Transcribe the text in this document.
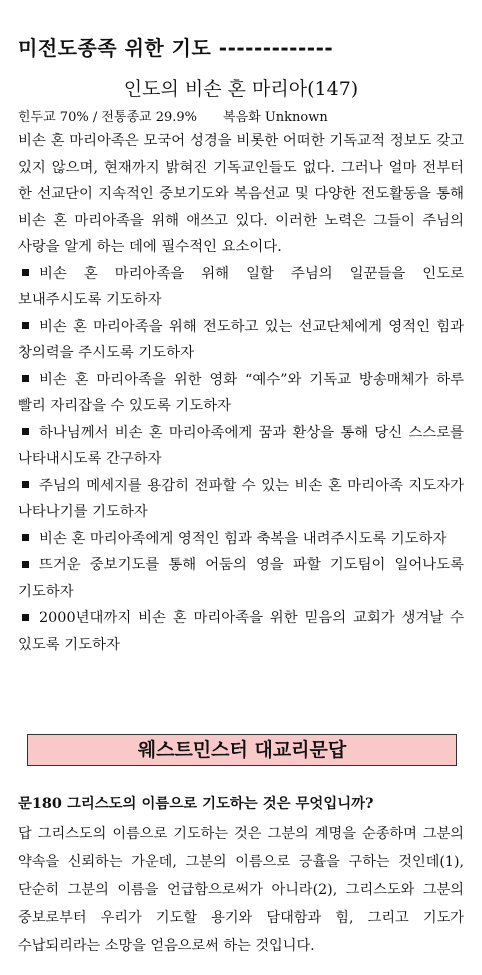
미전도종족 위한 기도 -------------
인도의 비손 혼 마리아(147)
힌두교 70% / 전통종교 29.9% 복음화 Unknown

비손 혼 마리아족은 모국어 성경을 비롯한 어떠한 기독교적 정보도 갖고 있지 않으며, 현재까지 밝혀진 기독교인들도 없다. 그러나 얼마 전부터 한 선교단이 지속적인 중보기도와 복음선교 및 다양한 전도활동을 통해 비손 혼 마리아족을 위해 애쓰고 있다. 이러한 노력은 그들이 주님의 사랑을 알게 하는 데에 필수적인 요소이다.

비손 혼 마리아족을 위해 일할 주님의 일꾼들을 인도로 보내주시도록 기도하자
비손 혼 마리아족을 위해 전도하고 있는 선교단체에게 영적인 힘과 창의력을 주시도록 기도하자
비손 혼 마리아족을 위한 영화 “예수”와 기독교 방송매체가 하루 빨리 자리잡을 수 있도록 기도하자
하나님께서 비손 혼 마리아족에게 꿈과 환상을 통해 당신 스스로를 나타내시도록 간구하자
주님의 메세지를 용감히 전파할 수 있는 비손 혼 마리아족 지도자가 나타나기를 기도하자
비손 혼 마리아족에게 영적인 힘과 축복을 내려주시도록 기도하자
뜨거운 중보기도를 통해 어둠의 영을 파할 기도팀이 일어나도록 기도하자
2000년대까지 비손 혼 마리아족을 위한 믿음의 교회가 생겨날 수 있도록 기도하자
웨스트민스터 대교리문답

문180 그리스도의 이름으로 기도하는 것은 무엇입니까?

답 그리스도의 이름으로 기도하는 것은 그분의 계명을 순종하며 그분의 약속을 신뢰하는 가운데, 그분의 이름으로 긍휼을 구하는 것인데(1), 단순히 그분의 이름을 언급함으로써가 아니라(2), 그리스도와 그분의 중보로부터 우리가 기도할 용기와 담대함과 힘, 그리고 기도가 수납되리라는 소망을 얻음으로써 하는 것입니다.
